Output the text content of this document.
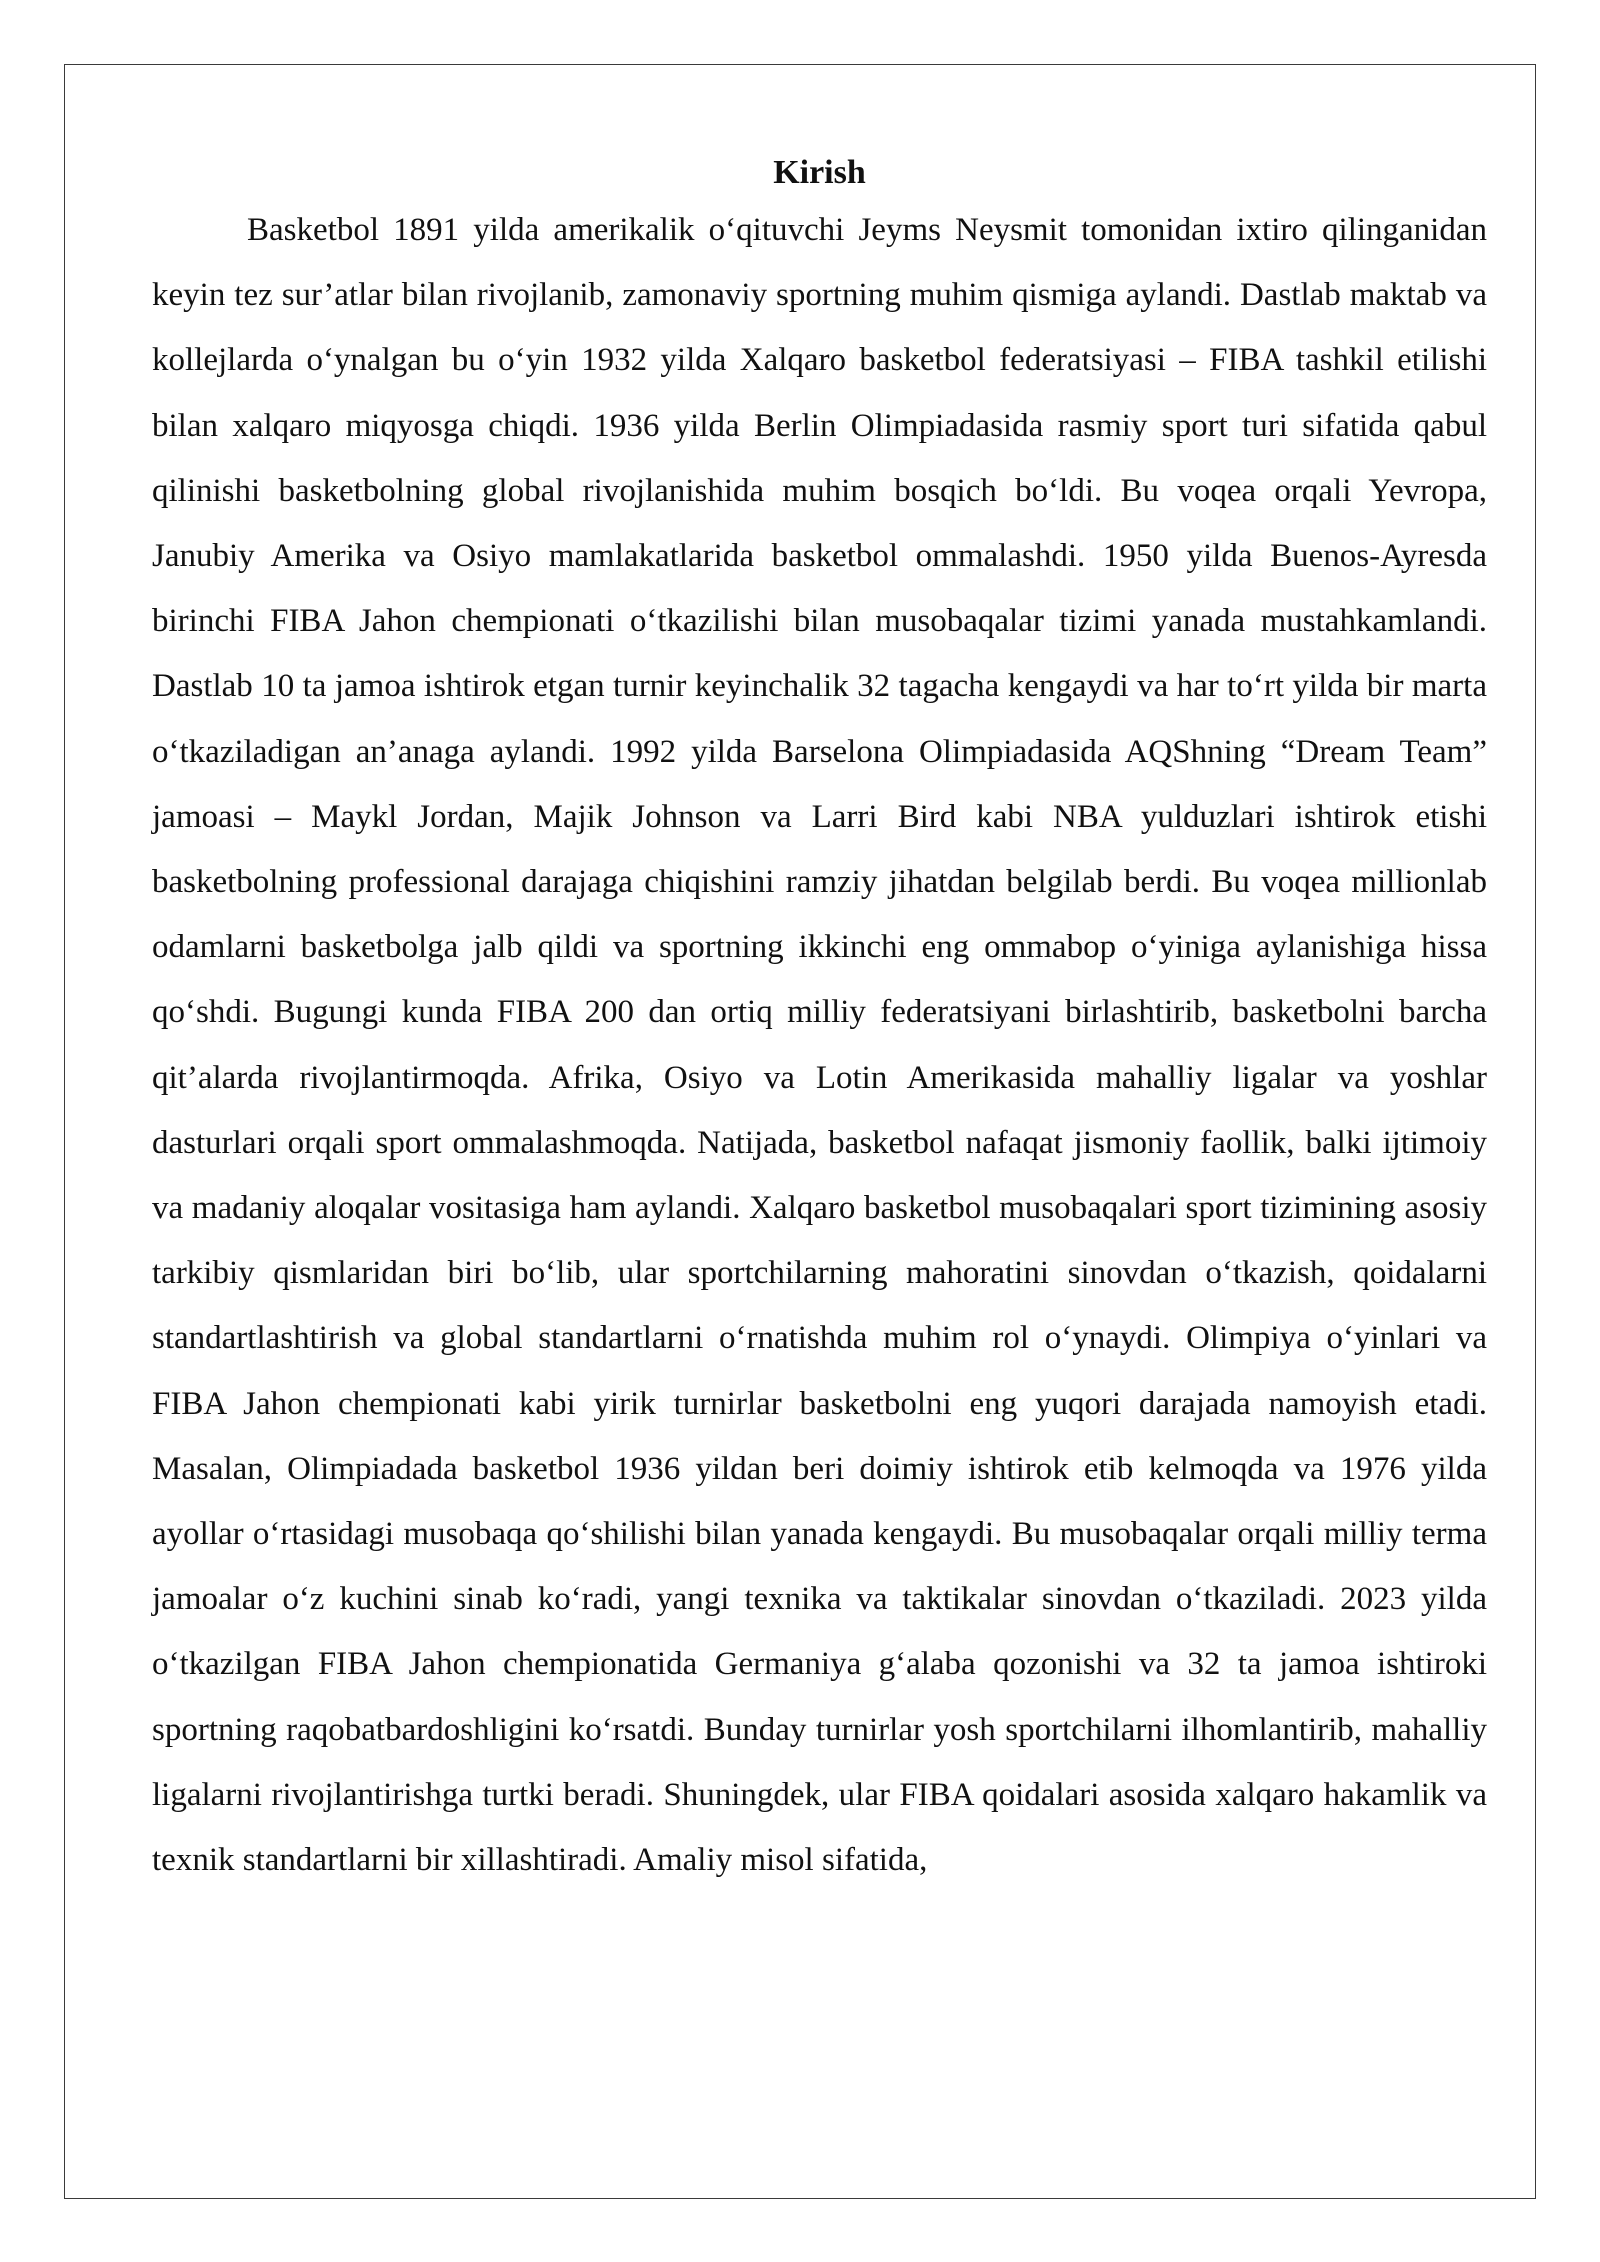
Kirish

Basketbol 1891 yilda amerikalik o‘qituvchi Jeyms Neysmit tomonidan ixtiro qilinganidan keyin tez sur’atlar bilan rivojlanib, zamonaviy sportning muhim qismiga aylandi. Dastlab maktab va kollejlarda o‘ynalgan bu o‘yin 1932 yilda Xalqaro basketbol federatsiyasi – FIBA tashkil etilishi bilan xalqaro miqyosga chiqdi. 1936 yilda Berlin Olimpiadasida rasmiy sport turi sifatida qabul qilinishi basketbolning global rivojlanishida muhim bosqich bo‘ldi. Bu voqea orqali Yevropa, Janubiy Amerika va Osiyo mamlakatlarida basketbol ommalashdi. 1950 yilda Buenos-Ayresda birinchi FIBA Jahon chempionati o‘tkazilishi bilan musobaqalar tizimi yanada mustahkamlandi. Dastlab 10 ta jamoa ishtirok etgan turnir keyinchalik 32 tagacha kengaydi va har to‘rt yilda bir marta o‘tkaziladigan an’anaga aylandi. 1992 yilda Barselona Olimpiadasida AQShning “Dream Team” jamoasi – Maykl Jordan, Majik Johnson va Larri Bird kabi NBA yulduzlari ishtirok etishi basketbolning professional darajaga chiqishini ramziy jihatdan belgilab berdi. Bu voqea millionlab odamlarni basketbolga jalb qildi va sportning ikkinchi eng ommabop o‘yiniga aylanishiga hissa qo‘shdi. Bugungi kunda FIBA 200 dan ortiq milliy federatsiyani birlashtirib, basketbolni barcha qit’alarda rivojlantirmoqda. Afrika, Osiyo va Lotin Amerikasida mahalliy ligalar va yoshlar dasturlari orqali sport ommalashmoqda. Natijada, basketbol nafaqat jismoniy faollik, balki ijtimoiy va madaniy aloqalar vositasiga ham aylandi. Xalqaro basketbol musobaqalari sport tizimining asosiy tarkibiy qismlaridan biri bo‘lib, ular sportchilarning mahoratini sinovdan o‘tkazish, qoidalarni standartlashtirish va global standartlarni o‘rnatishda muhim rol o‘ynaydi. Olimpiya o‘yinlari va FIBA Jahon chempionati kabi yirik turnirlar basketbolni eng yuqori darajada namoyish etadi. Masalan, Olimpiadada basketbol 1936 yildan beri doimiy ishtirok etib kelmoqda va 1976 yilda ayollar o‘rtasidagi musobaqa qo‘shilishi bilan yanada kengaydi. Bu musobaqalar orqali milliy terma jamoalar o‘z kuchini sinab ko‘radi, yangi texnika va taktikalar sinovdan o‘tkaziladi. 2023 yilda o‘tkazilgan FIBA Jahon chempionatida Germaniya g‘alaba qozonishi va 32 ta jamoa ishtiroki sportning raqobatbardoshligini ko‘rsatdi. Bunday turnirlar yosh sportchilarni ilhomlantirib, mahalliy ligalarni rivojlantirishga turtki beradi. Shuningdek, ular FIBA qoidalari asosida xalqaro hakamlik va texnik standartlarni bir xillashtiradi. Amaliy misol sifatida,
